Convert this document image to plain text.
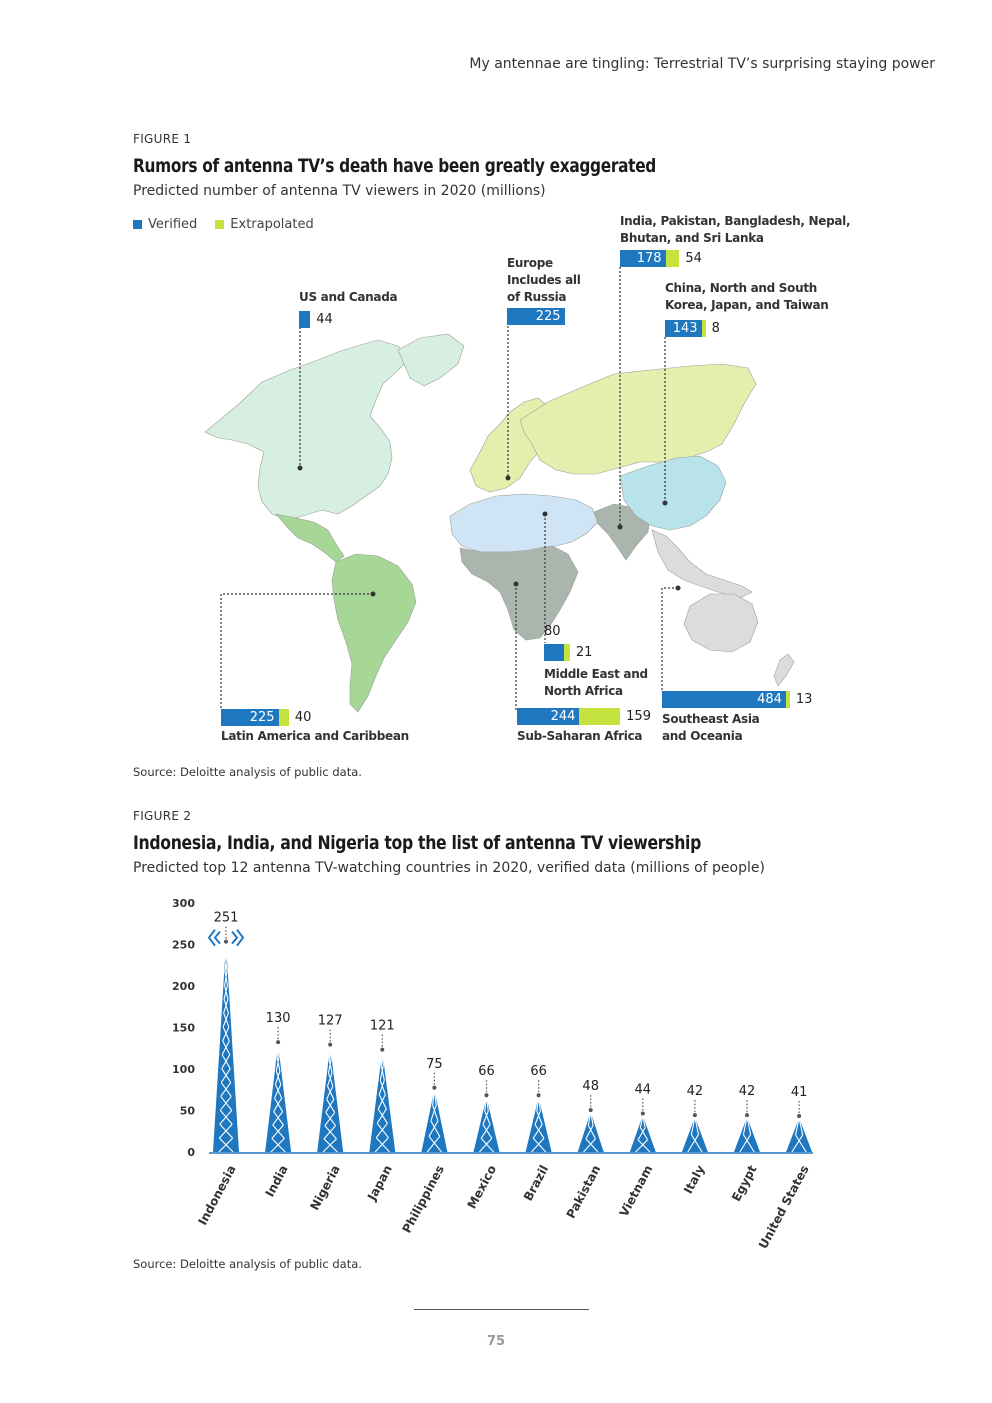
My antennae are tingling: Terrestrial TV’s surprising staying power
FIGURE 1
Rumors of antenna TV’s death have been greatly exaggerated
Predicted number of antenna TV viewers in 2020 (millions)
Verified	Extrapolated
US and Canada
44
Europe
Includes all
of Russia
225
India, Pakistan, Bangladesh, Nepal,
Bhutan, and Sri Lanka
178	54
China, North and South
Korea, Japan, and Taiwan
143	8
80
21
Middle East and
North Africa
225	40
Latin America and Caribbean
244	159
Sub-Saharan Africa
484	13
Southeast Asia
and Oceania
Source: Deloitte analysis of public data.
FIGURE 2
Indonesia, India, and Nigeria top the list of antenna TV viewership
Predicted top 12 antenna TV-watching countries in 2020, verified data (millions of people)
0
50
100
150
200
250
300
251
Indonesia
130
India
127
Nigeria
121
Japan
75
Philippines
66
Mexico
66
Brazil
48
Pakistan
44
Vietnam
42
Italy
42
Egypt
41
United States
Source: Deloitte analysis of public data.
75
